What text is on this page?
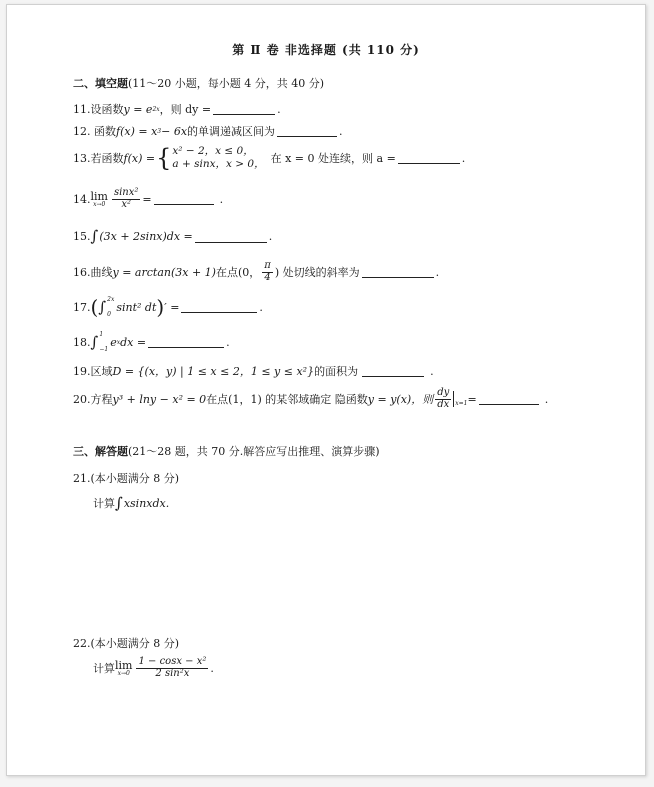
第 Ⅱ 卷 非选择题 (共 110 分)
二、填空题(11～20 小题，每小题 4 分，共 40 分)
11.设函数 y = e 2x ，则 dy =	.
12. 函数 f(x) = x 3 − 6x 的单调递减区间为	.
13.若函数 f(x) = { x² − 2，x ≤ 0，
a + sinx，x > 0， 在 x = 0 处连续，则 a =	.
14. lim
$x\to 0 \frac{\text{sinx²}}{\text{x²}}$ =	.
15. ∫ (3x + 2sinx)dx =	.
16.曲线 y = arctan(3x + 1) 在点(0， $\frac{\pi}{4}$ ) 处切线的斜率为	.
17. ( ∫ 2x
0
sint² dt ) ′ =	.
18. ∫ 1
−1
e x dx =	.
19.区域 D = {(x，y) | 1 ≤ x ≤ 2，1 ≤ y ≤ x²} 的面积为	.
20.方程 y³ + lny − x² = 0 在点(1，1) 的某邻域确定 隐函数 y = y(x)，则 $\frac{dy}{dx} x=1$ =	.
三、解答题(21～28 题，共 70 分.解答应写出推理、演算步骤)
21.(本小题满分 8 分)
计算 ∫ xsinxdx.
22.(本小题满分 8 分)
计算 lim
$x\to 0 \frac{\text{1 − cosx − x²}}{\text{2 sin²x}}$ .
